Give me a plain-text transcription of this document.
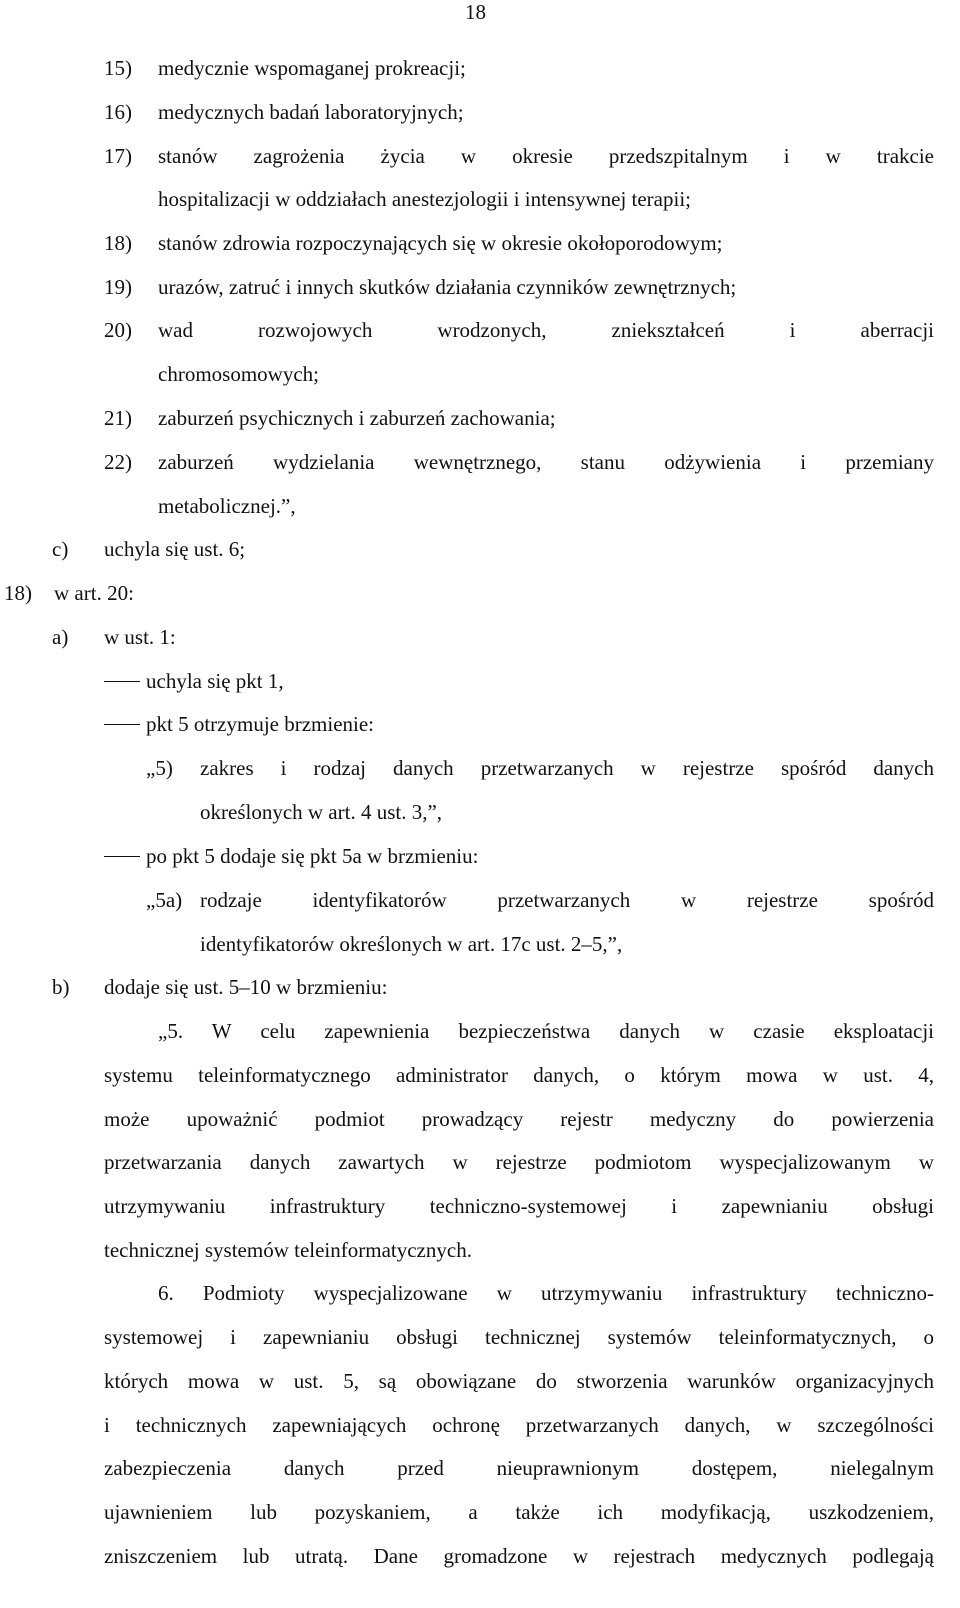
18
15) medycznie wspomaganej prokreacji;
16) medycznych badań laboratoryjnych;
17) stanów zagrożenia życia w okresie przedszpitalnym i w trakcie
hospitalizacji w oddziałach anestezjologii i intensywnej terapii;
18) stanów zdrowia rozpoczynających się w okresie okołoporodowym;
19) urazów, zatruć i innych skutków działania czynników zewnętrznych;
20) wad rozwojowych wrodzonych, zniekształceń i aberracji
chromosomowych;
21) zaburzeń psychicznych i zaburzeń zachowania;
22) zaburzeń wydzielania wewnętrznego, stanu odżywienia i przemiany
metabolicznej.”,
c) uchyla się ust. 6;
18) w art. 20:
a) w ust. 1:
uchyla się pkt 1,
pkt 5 otrzymuje brzmienie:
„5) zakres i rodzaj danych przetwarzanych w rejestrze spośród danych
określonych w art. 4 ust. 3,”,
po pkt 5 dodaje się pkt 5a w brzmieniu:
„5a) rodzaje identyfikatorów przetwarzanych w rejestrze spośród
identyfikatorów określonych w art. 17c ust. 2–5,”,
b) dodaje się ust. 5–10 w brzmieniu:
„5. W celu zapewnienia bezpieczeństwa danych w czasie eksploatacji
systemu teleinformatycznego administrator danych, o którym mowa w ust. 4,
może upoważnić podmiot prowadzący rejestr medyczny do powierzenia
przetwarzania danych zawartych w rejestrze podmiotom wyspecjalizowanym w
utrzymywaniu infrastruktury techniczno-systemowej i zapewnianiu obsługi
technicznej systemów teleinformatycznych.
6. Podmioty wyspecjalizowane w utrzymywaniu infrastruktury techniczno-
systemowej i zapewnianiu obsługi technicznej systemów teleinformatycznych, o
których mowa w ust. 5, są obowiązane do stworzenia warunków organizacyjnych
i technicznych zapewniających ochronę przetwarzanych danych, w szczególności
zabezpieczenia danych przed nieuprawnionym dostępem, nielegalnym
ujawnieniem lub pozyskaniem, a także ich modyfikacją, uszkodzeniem,
zniszczeniem lub utratą. Dane gromadzone w rejestrach medycznych podlegają
